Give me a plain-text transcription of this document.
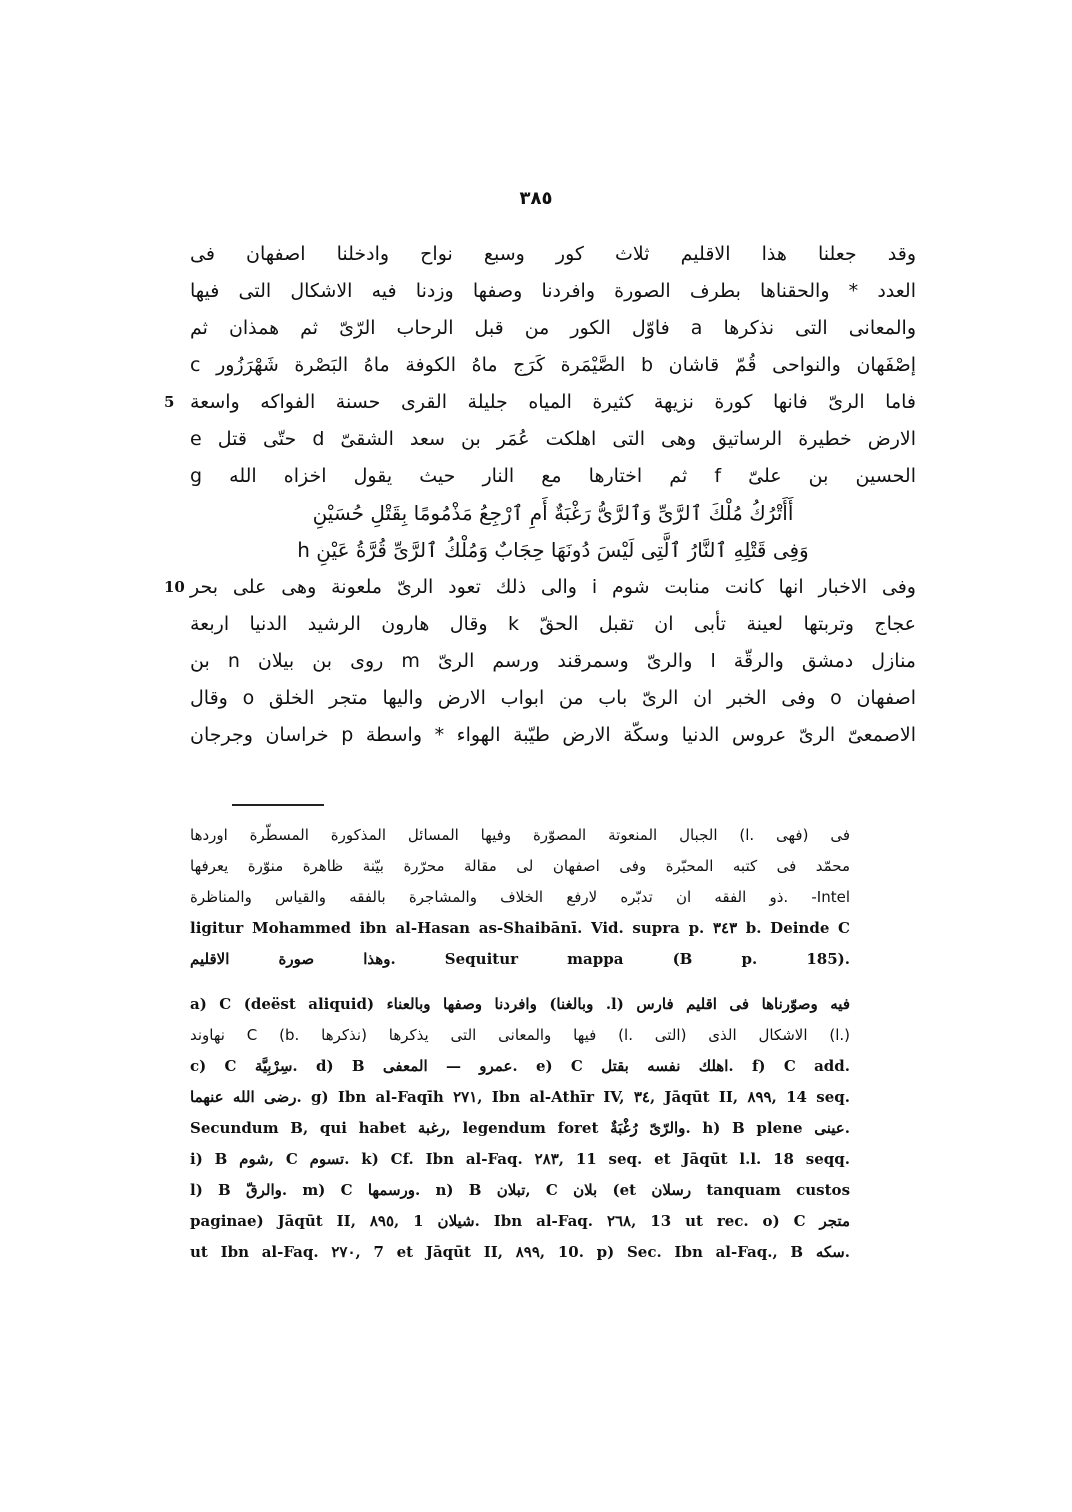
٣٨٥
وقد جعلنا هذا الاقليم ثلاث كور وسبع نواح وادخلنا اصفهان فى
العدد * والحقناها بطرف الصورة وافردنا وصفها وزدنا فيه الاشكال التى فيها
والمعانى التى نذكرها a فاوّل الكور من قبل الرحاب الرّىّ ثم همذان ثم
إصْفَهان والنواحى قُمّ قاشان b الصَّيْمَرة كَرَج ماهُ الكوفة ماهُ البَصْرة شَهْرَزُور c
فاما الرىّ فانها كورة نزيهة كثيرة المياه جليلة القرى حسنة الفواكه واسعة
5
الارض خطيرة الرساتيق وهى التى اهلكت عُمَر بن سعد الشقىّ d حتّى قتل e
الحسين بن علىّ f ثم اختارها مع النار حيث يقول اخزاه الله g
أَأَتْرُكُ مُلْكَ ٱلرَّىِّ وَٱلرَّىُّ رَغْبَةٌ أَمِ ٱرْجِعُ مَذْمُومًا بِقَتْلِ حُسَيْنِ
وَفِى قَتْلِهِ ٱلنَّارُ ٱلَّتِى لَيْسَ دُونَهَا حِجَابٌ وَمُلْكُ ٱلرَّىِّ قُرَّةُ عَيْنِ h
وفى الاخبار انها كانت منابت شوم i والى ذلك تعود الرىّ ملعونة وهى على بحر
10
عجاج وتربتها لعينة تأبى ان تقبل الحقّ k وقال هارون الرشيد الدنيا اربعة
منازل دمشق والرقّة l والرىّ وسمرقند ورسم الرىّ m روى بن بيلان n بن
اصفهان o وفى الخبر ان الرىّ باب من ابواب الارض واليها متجر الخلق o وقال
الاصمعىّ الرىّ عروس الدنيا وسكّة الارض طيّبة الهواء * واسطة p خراسان وجرجان
فى (فهى .l) الجبال المنعوتة المصوّرة وفيها المسائل المذكورة المسطّرة اوردها
محمّد فى كتبه المحبّرة وفى اصفهان لى مقالة محرّرة بيّنة ظاهرة منوّرة يعرفها
Intel- .ذو الفقه ان تدبّره لارفع الخلاف والمشاجرة بالفقه والقياس والمناظرة
ligitur Mohammed ibn al-Hasan as-Shaibānī. Vid. supra p. ٣٤٣ b. Deinde C
وهذا صورة الاقليم. Sequitur mappa (B p. 185).
a) C (deëst aliquid) وافردنا وصفها وبالعناء (وبالغنا .l) فيه وصوّرناها فى اقليم فارس
(.l) الاشكال الذى (التى .l) فيها والمعانى التى يذكرها (نذكرها .b) C نهاوند
c) C سِرْبِيَّة. d) B عمرو — المعفى. e) C اهلك نفسه بقتل. f) C add.
رضى الله عنهما. g) Ibn al-Faqīh ٢٧١, Ibn al-Athīr IV, ٣٤, Jāqūt II, ٨٩٩, 14 seq.
Secundum B, qui habet رغبة, legendum foret والرّىّ رُغْبَةٌ. h) B plene عينى.
i) B شوم, C تسوم. k) Cf. Ibn al-Faq. ٢٨٣, 11 seq. et Jāqūt l.l. 18 seqq.
l) B والرقّ. m) C ورسمها. n) B تبلان, C بلان (et رسلان tanquam custos
paginae) Jāqūt II, ٨٩٥, 1 شيلان. Ibn al-Faq. ٢٦٨, 13 ut rec. o) C متجر
ut Ibn al-Faq. ٢٧٠, 7 et Jāqūt II, ٨٩٩, 10. p) Sec. Ibn al-Faq., B سكه.
